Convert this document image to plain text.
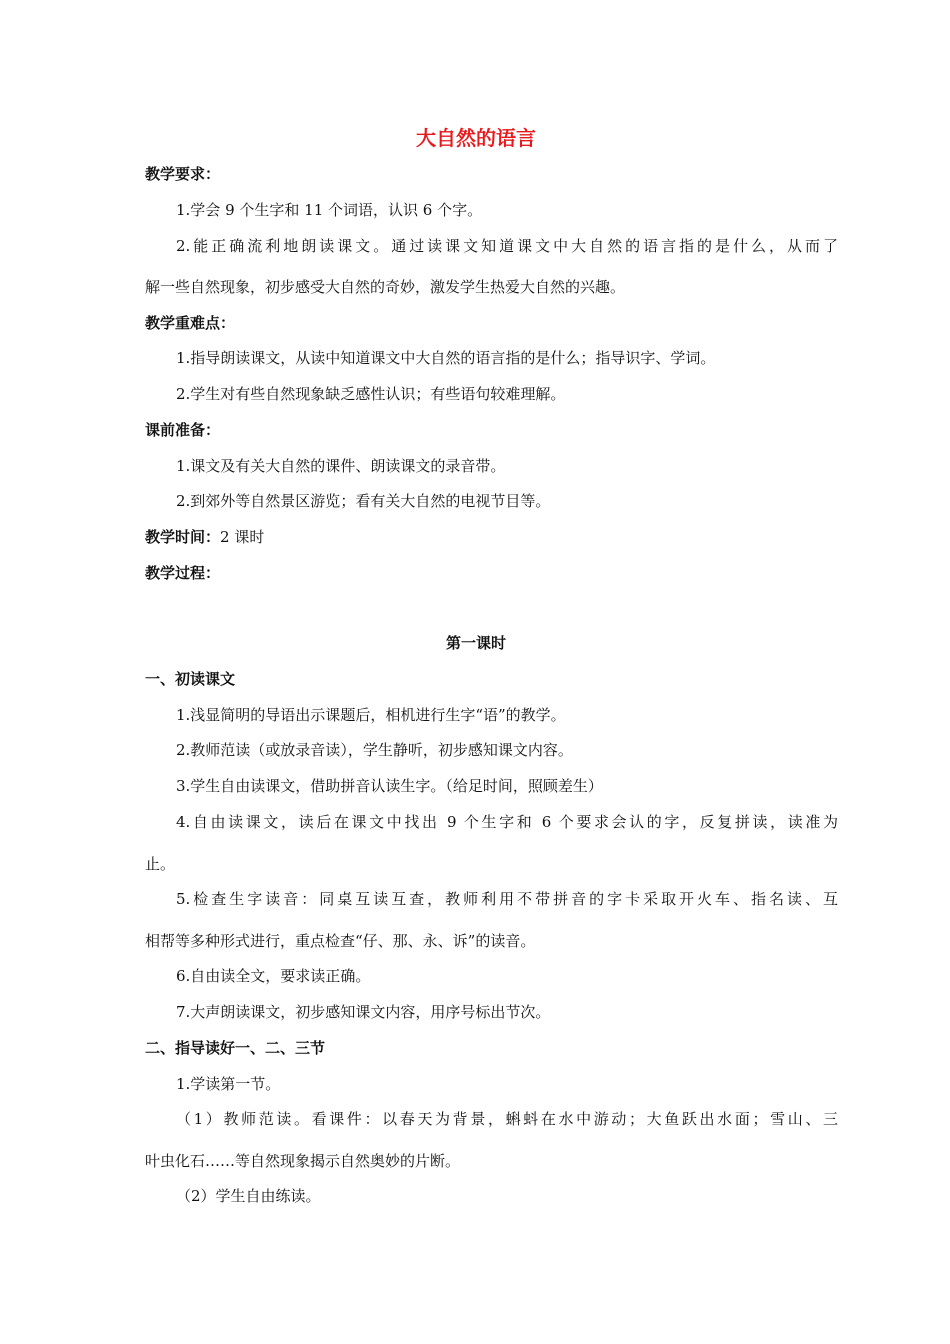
大自然的语言
教学要求：
1.学会 9 个生字和 11 个词语，认识 6 个字。
2.能正确流利地朗读课文。通过读课文知道课文中大自然的语言指的是什么，从而了
解一些自然现象，初步感受大自然的奇妙，激发学生热爱大自然的兴趣。
教学重难点：
1.指导朗读课文，从读中知道课文中大自然的语言指的是什么；指导识字、学词。
2.学生对有些自然现象缺乏感性认识；有些语句较难理解。
课前准备：
1.课文及有关大自然的课件、朗读课文的录音带。
2.到郊外等自然景区游览；看有关大自然的电视节目等。
教学时间：2 课时
教学过程：
第一课时
一、初读课文
1.浅显简明的导语出示课题后，相机进行生字“语”的教学。
2.教师范读（或放录音读），学生静听，初步感知课文内容。
3.学生自由读课文，借助拼音认读生字。（给足时间，照顾差生）
4.自由读课文，读后在课文中找出 9 个生字和 6 个要求会认的字，反复拼读，读准为
止。
5.检查生字读音：同桌互读互查，教师利用不带拼音的字卡采取开火车、指名读、互
相帮等多种形式进行，重点检查“仔、那、永、诉”的读音。
6.自由读全文，要求读正确。
7.大声朗读课文，初步感知课文内容，用序号标出节次。
二、指导读好一、二、三节
1.学读第一节。
（1）教师范读。看课件：以春天为背景，蝌蚪在水中游动；大鱼跃出水面；雪山、三
叶虫化石……等自然现象揭示自然奥妙的片断。
（2）学生自由练读。
